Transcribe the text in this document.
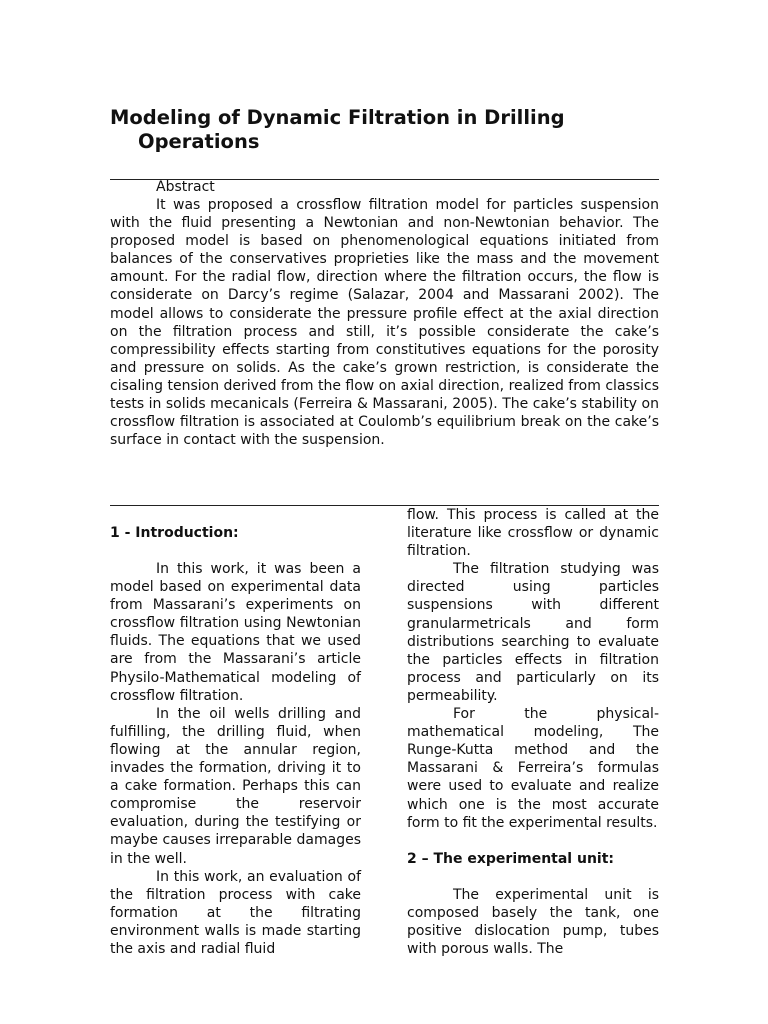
Modeling of Dynamic Filtration in Drilling
Operations
Abstract

It was proposed a crossflow filtration model for particles suspension with the fluid presenting a Newtonian and non-Newtonian behavior. The proposed model is based on phenomenological equations initiated from balances of the conservatives proprieties like the mass and the movement amount. For the radial flow, direction where the filtration occurs, the flow is considerate on Darcy’s regime (Salazar, 2004 and Massarani 2002). The model allows to considerate the pressure profile effect at the axial direction on the filtration process and still, it’s possible considerate the cake’s compressibility effects starting from constitutives equations for the porosity and pressure on solids. As the cake’s grown restriction, is considerate the cisaling tension derived from the flow on axial direction, realized from classics tests in solids mecanicals (Ferreira & Massarani, 2005). The cake’s stability on crossflow filtration is associated at Coulomb’s equilibrium break on the cake’s surface in contact with the suspension.

1 - Introduction:

In this work, it was been a model based on experimental data from Massarani’s experiments on crossflow filtration using Newtonian fluids. The equations that we used are from the Massarani’s article Physilo-Mathematical modeling of crossflow filtration.

In the oil wells drilling and fulfilling, the drilling fluid, when flowing at the annular region, invades the formation, driving it to a cake formation. Perhaps this can compromise the reservoir evaluation, during the testifying or maybe causes irreparable damages in the well.

In this work, an evaluation of the filtration process with cake formation at the filtrating environment walls is made starting the axis and radial fluid

flow. This process is called at the literature like crossflow or dynamic filtration.

The filtration studying was directed using particles suspensions with different granularmetricals and form distributions searching to evaluate the particles effects in filtration process and particularly on its permeability.

For the physical-mathematical modeling, The Runge-Kutta method and the Massarani & Ferreira’s formulas were used to evaluate and realize which one is the most accurate form to fit the experimental results.

2 – The experimental unit:

The experimental unit is composed basely the tank, one positive dislocation pump, tubes with porous walls. The
